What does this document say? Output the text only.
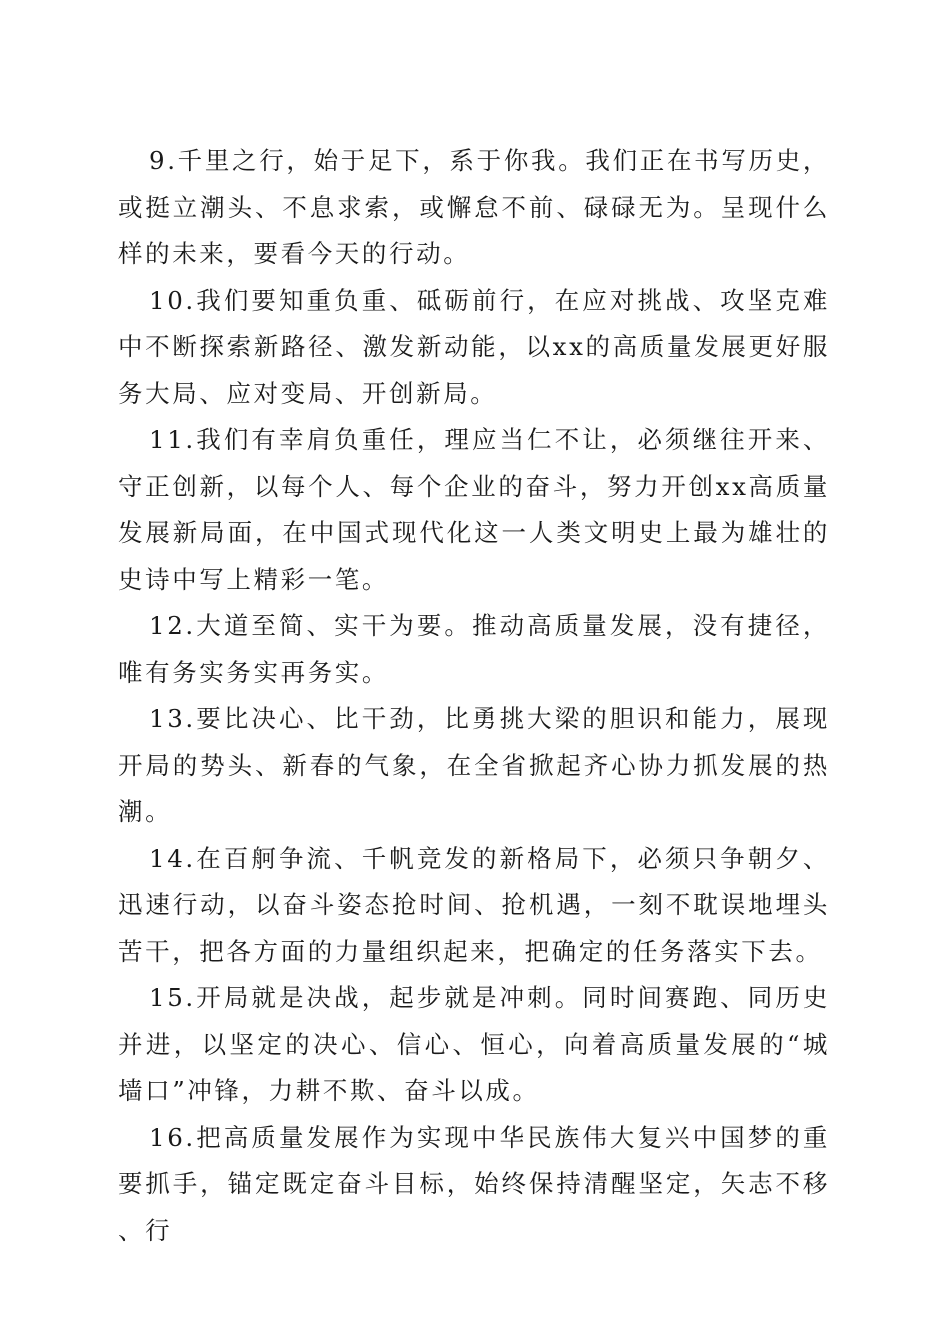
9.千里之行，始于足下，系于你我。我们正在书写历史，或挺立潮头、不息求索，或懈怠不前、碌碌无为。呈现什么样的未来，要看今天的行动。

10.我们要知重负重、砥砺前行，在应对挑战、攻坚克难中不断探索新路径、激发新动能，以xx的高质量发展更好服务大局、应对变局、开创新局。

11.我们有幸肩负重任，理应当仁不让，必须继往开来、守正创新，以每个人、每个企业的奋斗，努力开创xx高质量发展新局面，在中国式现代化这一人类文明史上最为雄壮的史诗中写上精彩一笔。

12.大道至简、实干为要。推动高质量发展，没有捷径，唯有务实务实再务实。

13.要比决心、比干劲，比勇挑大梁的胆识和能力，展现开局的势头、新春的气象，在全省掀起齐心协力抓发展的热潮。

14.在百舸争流、千帆竞发的新格局下，必须只争朝夕、迅速行动，以奋斗姿态抢时间、抢机遇，一刻不耽误地埋头苦干，把各方面的力量组织起来，把确定的任务落实下去。

15.开局就是决战，起步就是冲刺。同时间赛跑、同历史并进，以坚定的决心、信心、恒心，向着高质量发展的“城墙口”冲锋，力耕不欺、奋斗以成。

16.把高质量发展作为实现中华民族伟大复兴中国梦的重要抓手，锚定既定奋斗目标，始终保持清醒坚定，矢志不移、行
